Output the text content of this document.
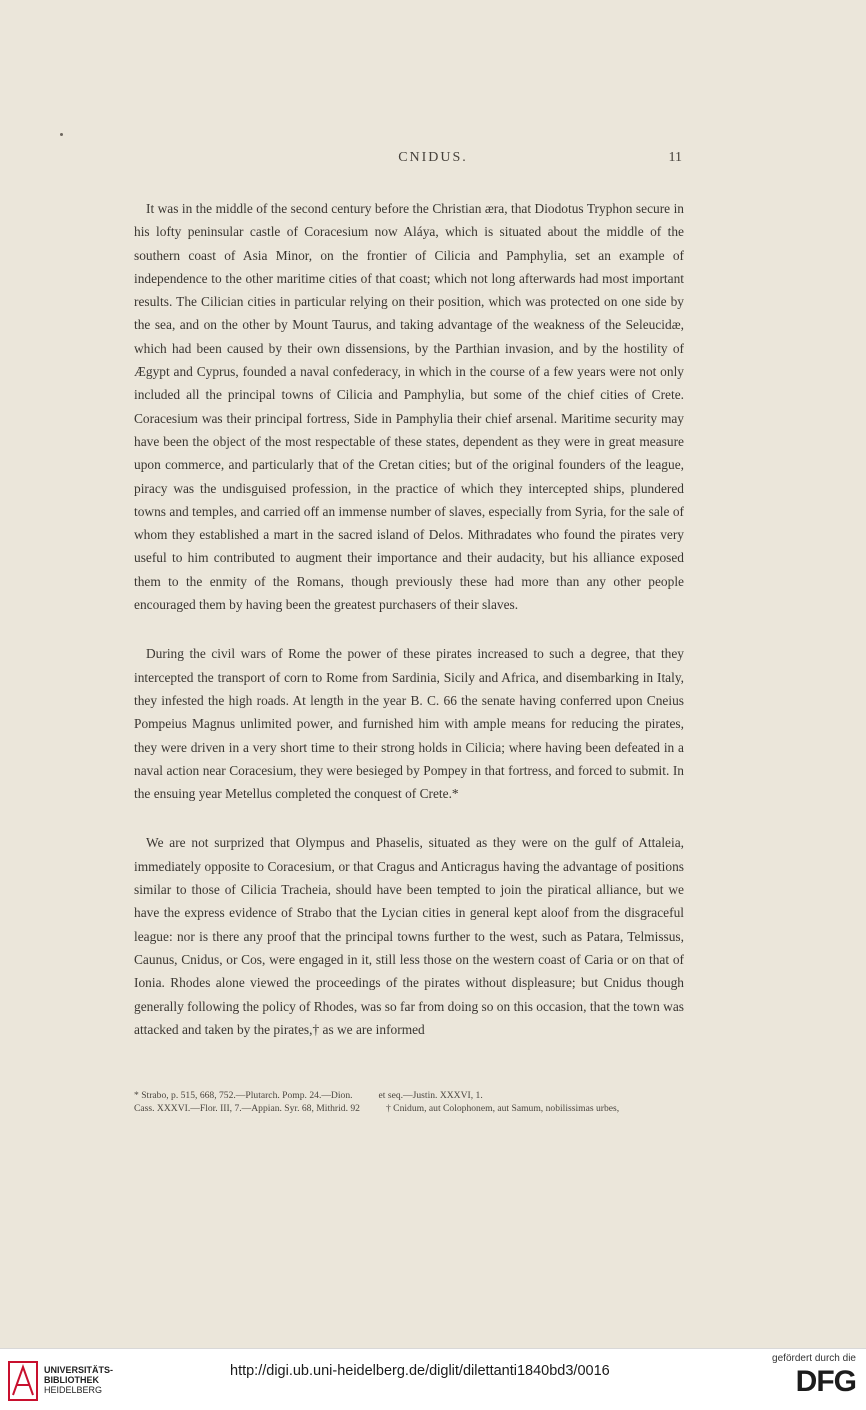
CNIDUS.	11

It was in the middle of the second century before the Christian æra, that Diodotus Tryphon secure in his lofty peninsular castle of Coracesium now Aláya, which is situated about the middle of the southern coast of Asia Minor, on the frontier of Cilicia and Pamphylia, set an example of independence to the other maritime cities of that coast; which not long afterwards had most important results. The Cilician cities in particular relying on their position, which was protected on one side by the sea, and on the other by Mount Taurus, and taking advantage of the weakness of the Seleucidæ, which had been caused by their own dissensions, by the Parthian invasion, and by the hostility of Ægypt and Cyprus, founded a naval confederacy, in which in the course of a few years were not only included all the principal towns of Cilicia and Pamphylia, but some of the chief cities of Crete. Coracesium was their principal fortress, Side in Pamphylia their chief arsenal. Maritime security may have been the object of the most respectable of these states, dependent as they were in great measure upon commerce, and particularly that of the Cretan cities; but of the original founders of the league, piracy was the undisguised profession, in the practice of which they intercepted ships, plundered towns and temples, and carried off an immense number of slaves, especially from Syria, for the sale of whom they established a mart in the sacred island of Delos. Mithradates who found the pirates very useful to him contributed to augment their importance and their audacity, but his alliance exposed them to the enmity of the Romans, though previously these had more than any other people encouraged them by having been the greatest purchasers of their slaves.

During the civil wars of Rome the power of these pirates increased to such a degree, that they intercepted the transport of corn to Rome from Sardinia, Sicily and Africa, and disembarking in Italy, they infested the high roads. At length in the year B. C. 66 the senate having conferred upon Cneius Pompeius Magnus unlimited power, and furnished him with ample means for reducing the pirates, they were driven in a very short time to their strong holds in Cilicia; where having been defeated in a naval action near Coracesium, they were besieged by Pompey in that fortress, and forced to submit. In the ensuing year Metellus completed the conquest of Crete.*

We are not surprized that Olympus and Phaselis, situated as they were on the gulf of Attaleia, immediately opposite to Coracesium, or that Cragus and Anticragus having the advantage of positions similar to those of Cilicia Tracheia, should have been tempted to join the piratical alliance, but we have the express evidence of Strabo that the Lycian cities in general kept aloof from the disgraceful league: nor is there any proof that the principal towns further to the west, such as Patara, Telmissus, Caunus, Cnidus, or Cos, were engaged in it, still less those on the western coast of Caria or on that of Ionia. Rhodes alone viewed the proceedings of the pirates without displeasure; but Cnidus though generally following the policy of Rhodes, was so far from doing so on this occasion, that the town was attacked and taken by the pirates,† as we are informed

* Strabo, p. 515, 668, 752.—Plutarch. Pomp. 24.—Dion.	et seq.—Justin. XXXVI, 1.
Cass. XXXVI.—Flor. III, 7.—Appian. Syr. 68, Mithrid. 92	† Cnidum, aut Colophonem, aut Samum, nobilissimas urbes,
UNIVERSITÄTS-
BIBLIOTHEK
HEIDELBERG
http://digi.ub.uni-heidelberg.de/diglit/dilettanti1840bd3/0016
gefördert durch die
DFG
